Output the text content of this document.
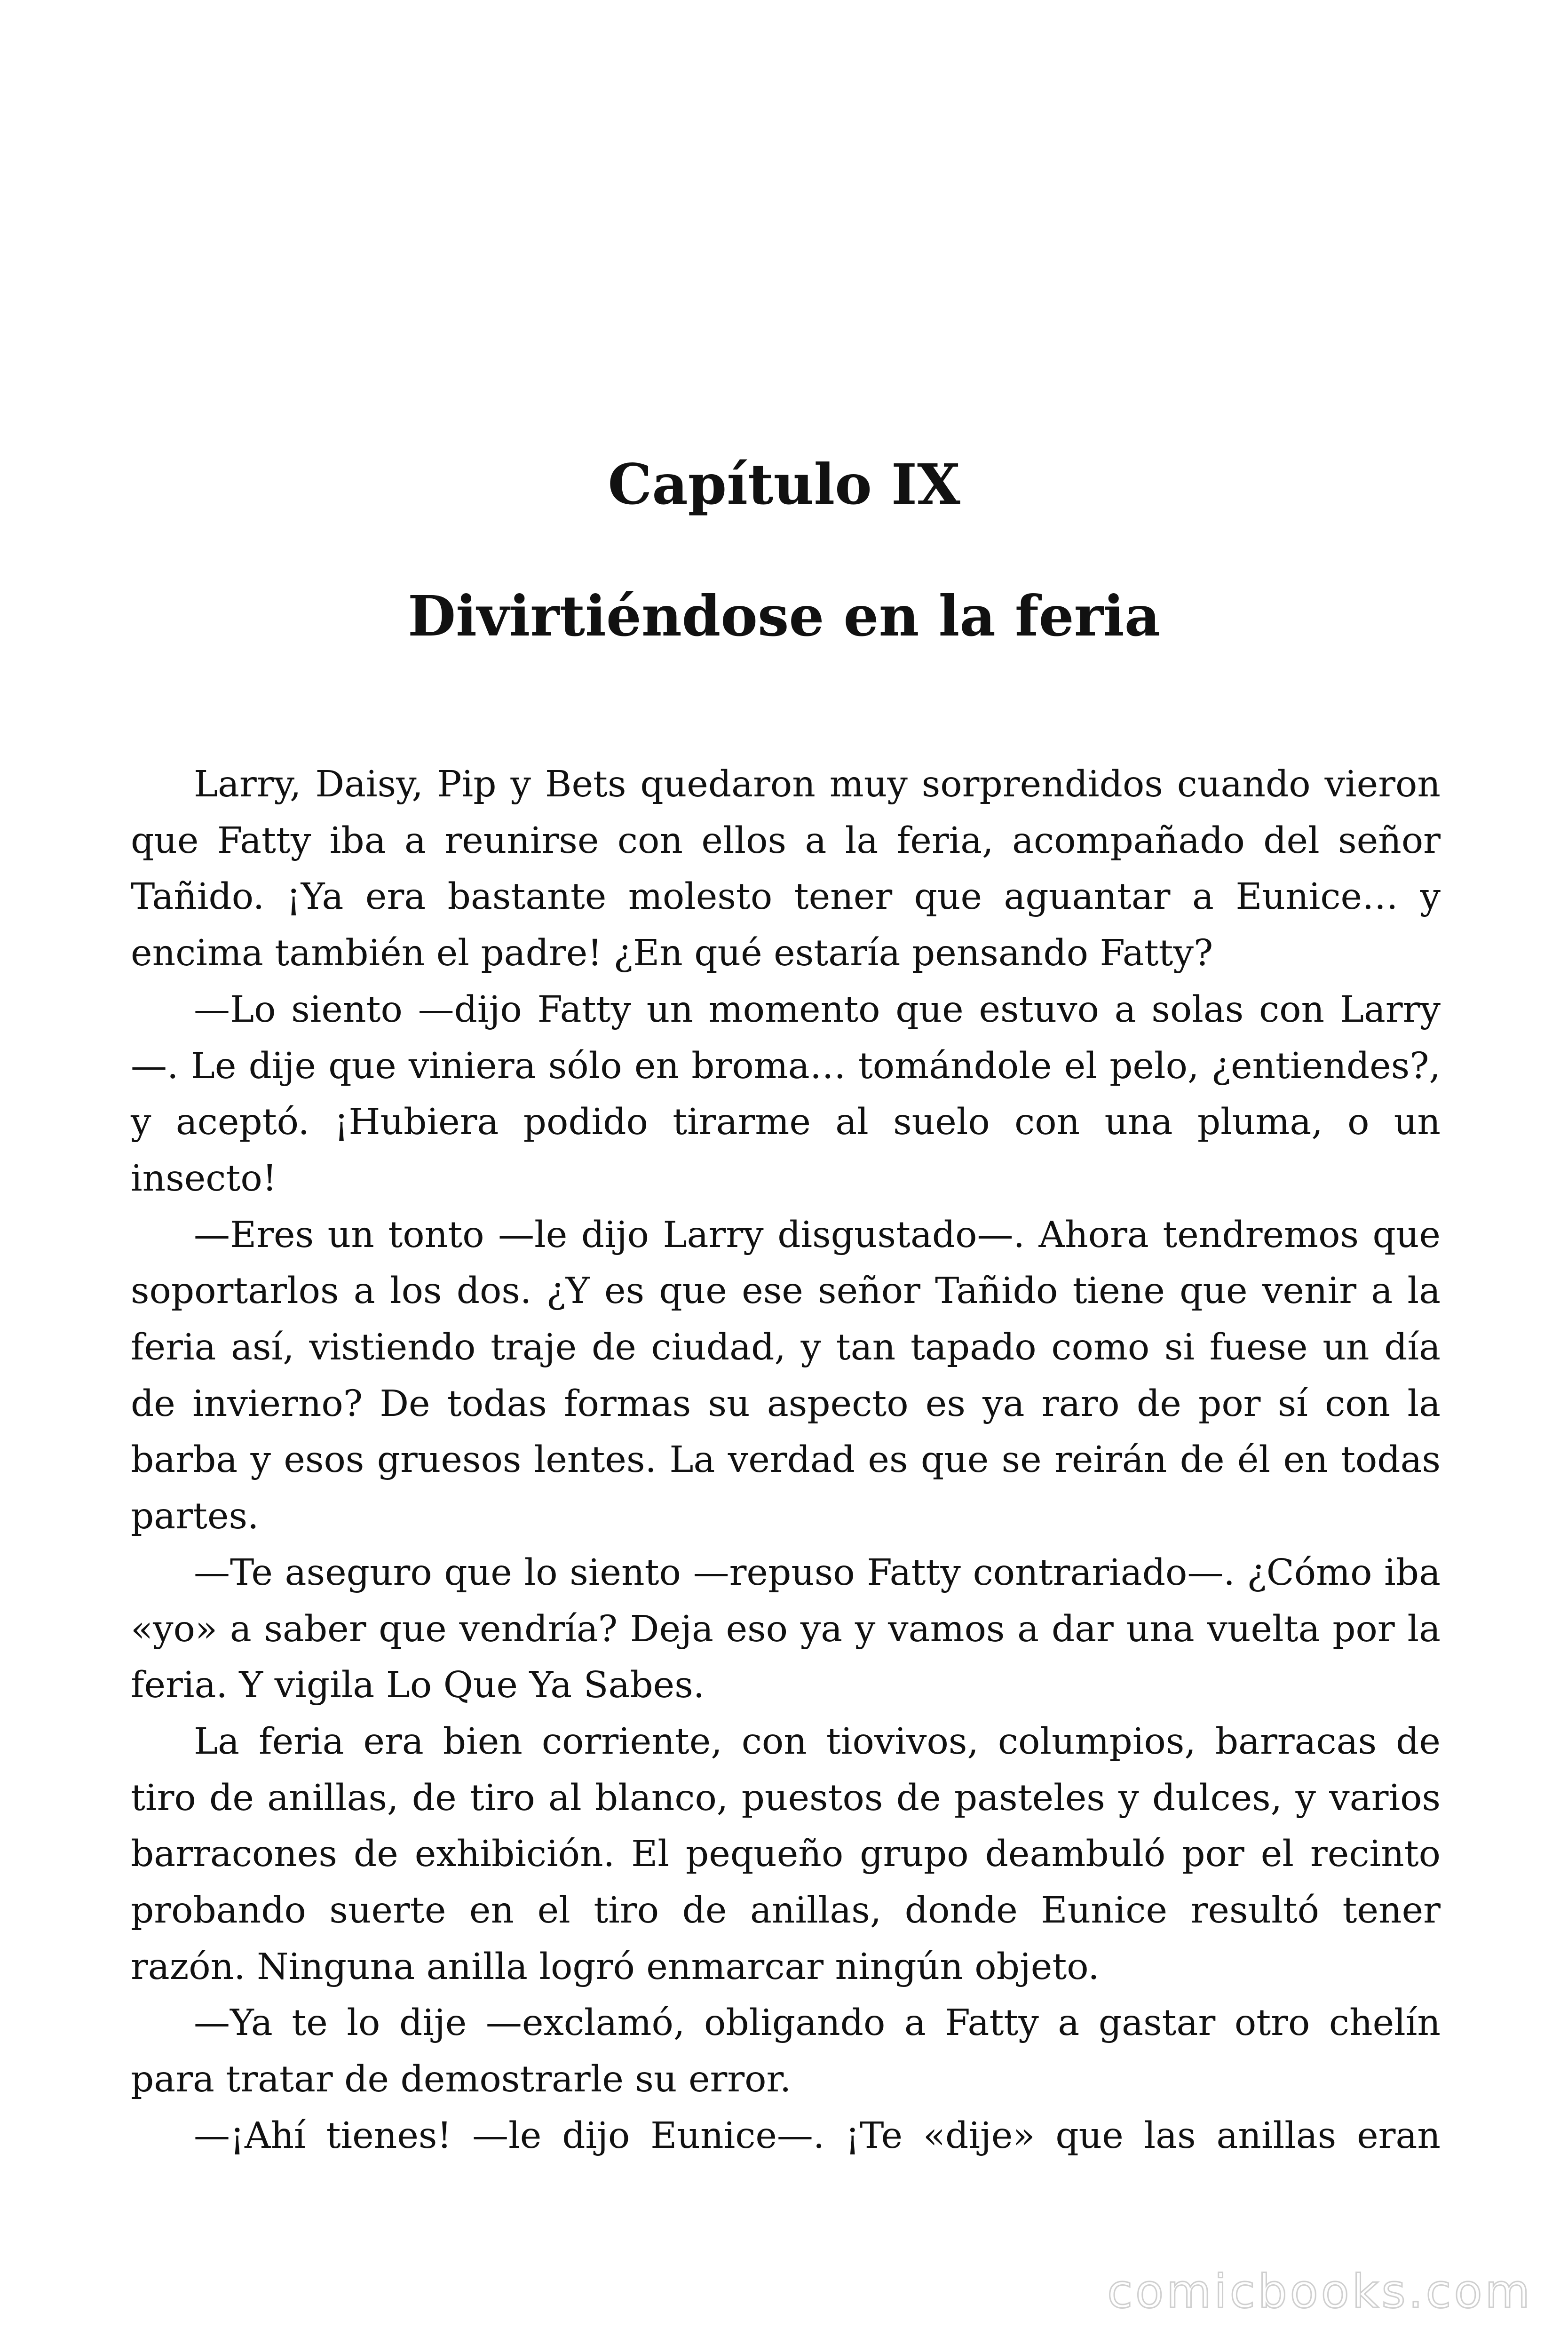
Capítulo IX
Divirtiéndose en la feria

Larry, Daisy, Pip y Bets quedaron muy sorprendidos cuando vieron que Fatty iba a reunirse con ellos a la feria, acompañado del señor Tañido. ¡Ya era bastante molesto tener que aguantar a Eunice… y encima también el padre! ¿En qué estaría pensando Fatty?

—Lo siento —dijo Fatty un momento que estuvo a solas con Larry—. Le dije que viniera sólo en broma… tomándole el pelo, ¿entiendes?, y aceptó. ¡Hubiera podido tirarme al suelo con una pluma, o un insecto!

—Eres un tonto —le dijo Larry disgustado—. Ahora tendremos que soportarlos a los dos. ¿Y es que ese señor Tañido tiene que venir a la feria así, vistiendo traje de ciudad, y tan tapado como si fuese un día de invierno? De todas formas su aspecto es ya raro de por sí con la barba y esos gruesos lentes. La verdad es que se reirán de él en todas partes.

—Te aseguro que lo siento —repuso Fatty contrariado—. ¿Cómo iba «yo» a saber que vendría? Deja eso ya y vamos a dar una vuelta por la feria. Y vigila Lo Que Ya Sabes.

La feria era bien corriente, con tiovivos, columpios, barracas de tiro de anillas, de tiro al blanco, puestos de pasteles y dulces, y varios barracones de exhibición. El pequeño grupo deambuló por el recinto probando suerte en el tiro de anillas, donde Eunice resultó tener razón. Ninguna anilla logró enmarcar ningún objeto.

—Ya te lo dije —exclamó, obligando a Fatty a gastar otro chelín para tratar de demostrarle su error.

—¡Ahí tienes! —le dijo Eunice—. ¡Te «dije» que las anillas eran

comicbooks.com
